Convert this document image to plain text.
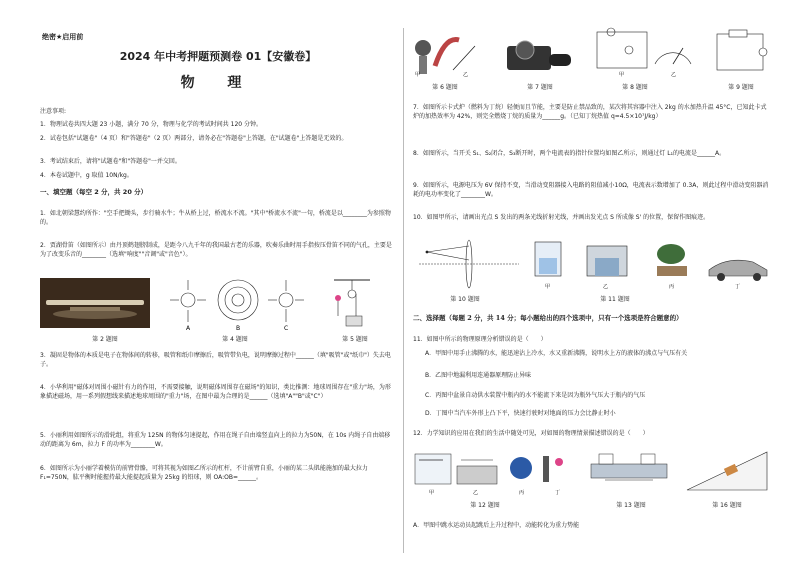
绝密★启用前
2024 年中考押题预测卷 01【安徽卷】
物 理
注意事项:
1．物理试卷共四大题 23 小题，满分 70 分，物理与化学的考试时间共 120 分钟。
2．试卷包括"试题卷"（4 页）和"答题卷"（2 页）两部分，请务必在"答题卷"上答题，在"试题卷"上答题是无效的。
3．考试结束后，请将"试题卷"和"答题卷"一并交回。
4．本卷试题中，g 取值 10N/kg。
一、填空题（每空 2 分，共 20 分）
1．如北朝梁慧约所作："空手把锄头，步行骑水牛；牛从桥上过，桥流水不流。"其中"桥流水不流"一句，桥流是以________为参照物的。
2．贾湖骨笛（如图所示）由丹顶鹤翅膀制成，是距今八九千年的我国最古老的乐器，吹奏乐曲时用手指按压骨笛不同的气孔，主要是为了改变乐音的________（选填"响度""音调"或"音色"）。
第 2 题图
A	B	C
第 4 题图	第 5 题图
3．凝固是物体的本质是电子在物体间的转移，吸管和纸巾摩擦后，吸管带负电，说明摩擦过程中______（填"吸管"或"纸巾"）失去电子。
4．小华利用"磁体对周围小磁针有力的作用，不需要接触，说明磁体周围存在磁场"的知识，类比推测：地球周围存在"重力"场，为形象描述磁场，用一系列假想线来描述地球周围的"重力"场，在图中最为合理的是______（选填"A""B"或"C"）
5．小丽利用如图所示的滑轮组，将重为 125N 的物体匀速提起，作用在绳子自由端竖直向上的拉力为50N，在 10s 内绳子自由端移动的距离为 6m，拉力 F 的功率为________W。
6．如图所示为小丽学着模仿的前臂骨骼，可将其视为如图乙所示的杠杆，不计前臂自重，小丽的某二头肌能施加的最大拉力 F₁=750N，肱平衡时能握持最大能提起质量为 25kg 的铅球，则 OA:OB=______。
甲	乙
第 6 题图	第 7 题图
甲	乙
第 8 题图	第 9 题图
7．如图所示卡式炉（燃料为丁烷）轻便而且节能，主要是防止禁品致的，某次将其容器中注入 2kg 的水加热升温 45°C，已知此卡式炉的加热效率为 42%，则完全燃烧丁烷的质量为______g。（已知丁烷热值 q=4.5×10⁷J/kg）
8．如图所示，当开关 S₁、S₂闭合，S₃断开时，两个电流表的指针位置均如图乙所示，则通过灯 L₁的电流是______A。
9．如图所示，电源电压为 6V 保持不变，当滑动变阻器接入电路的阻值减小10Ω，电流表示数增加了 0.3A，则此过程中滑动变阻器消耗的电功率变化了________W。
10．如图甲所示，请画出光点 S 发出的两条光线折射光线，并画出发光点 S 所成像 S' 的位置，保留作图痕迹。
第 10 题图
甲	乙	丙	丁
第 11 题图
二、选择题（每题 2 分，共 14 分；每小题给出的四个选项中，只有一个选项是符合题意的）
11．如图中所示的物理原理分析错误的是（　　）
A．甲图中用手止沸腾的水，能迅速沾上冷水，水又重新沸腾，说明水上方的液体的沸点与气压有关
B．乙图中地漏利用连通器原理防止异味
C．丙图中盆景自动供水装置中瓶内的水不能流下来是因为瓶外气压大于瓶内的气压
D．丁图中当汽车外形上凸下平，快速行驶时对地面的压力会比静止时小
12．力学知识的应用在我们的生活中随处可见，对如图的物理情景描述错误的是（　　）
甲	乙	丙	丁
第 12 题图	第 13 题图	第 16 题图
A．甲图中跳水运动员起跳后上升过程中，动能转化为重力势能
